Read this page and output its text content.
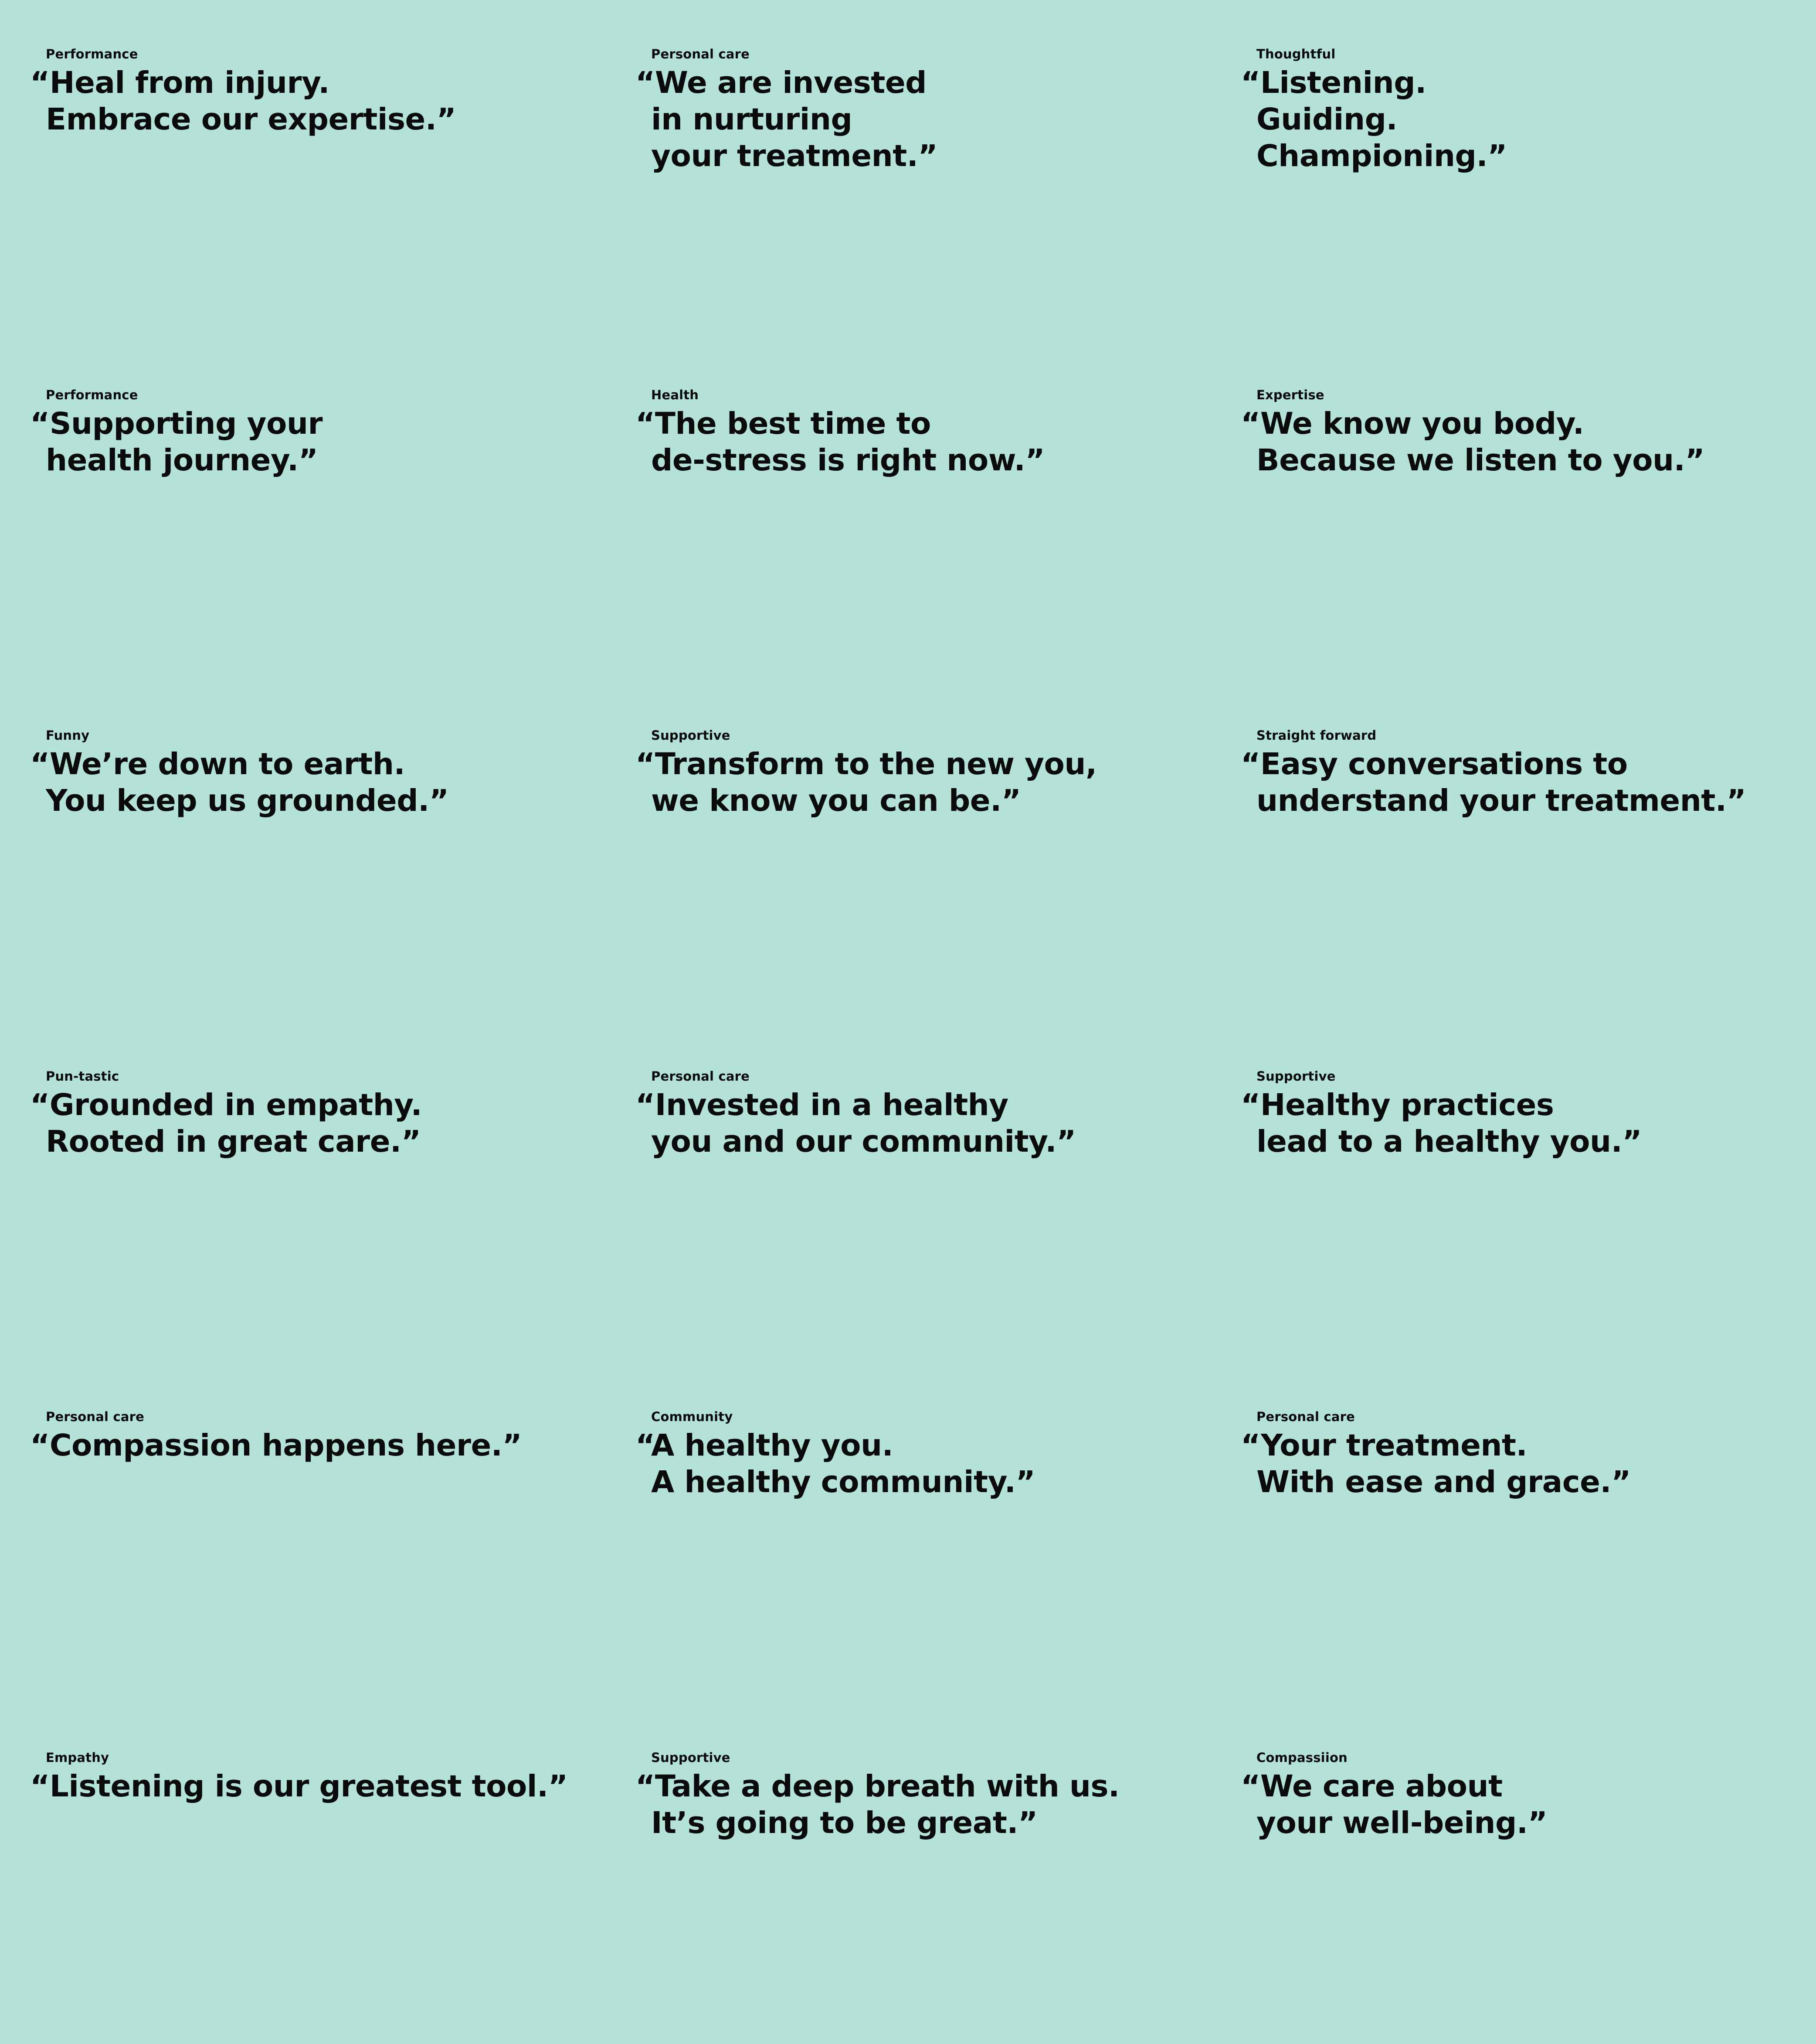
Performance
“Heal from injury.
Embrace our expertise.”
Personal care
“We are invested
in nurturing
your treatment.”
Thoughtful
“Listening.
Guiding.
Championing.”
Performance
“Supporting your
health journey.”
Health
“The best time to
de-stress is right now.”
Expertise
“We know you body.
Because we listen to you.”
Funny
“We’re down to earth.
You keep us grounded.”
Supportive
“Transform to the new you,
we know you can be.”
Straight forward
“Easy conversations to
understand your treatment.”
Pun-tastic
“Grounded in empathy.
Rooted in great care.”
Personal care
“Invested in a healthy
you and our community.”
Supportive
“Healthy practices
lead to a healthy you.”
Personal care
“Compassion happens here.”
Community
“A healthy you.
A healthy community.”
Personal care
“Your treatment.
With ease and grace.”
Empathy
“Listening is our greatest tool.”
Supportive
“Take a deep breath with us.
It’s going to be great.”
Compassiion
“We care about
your well-being.”
